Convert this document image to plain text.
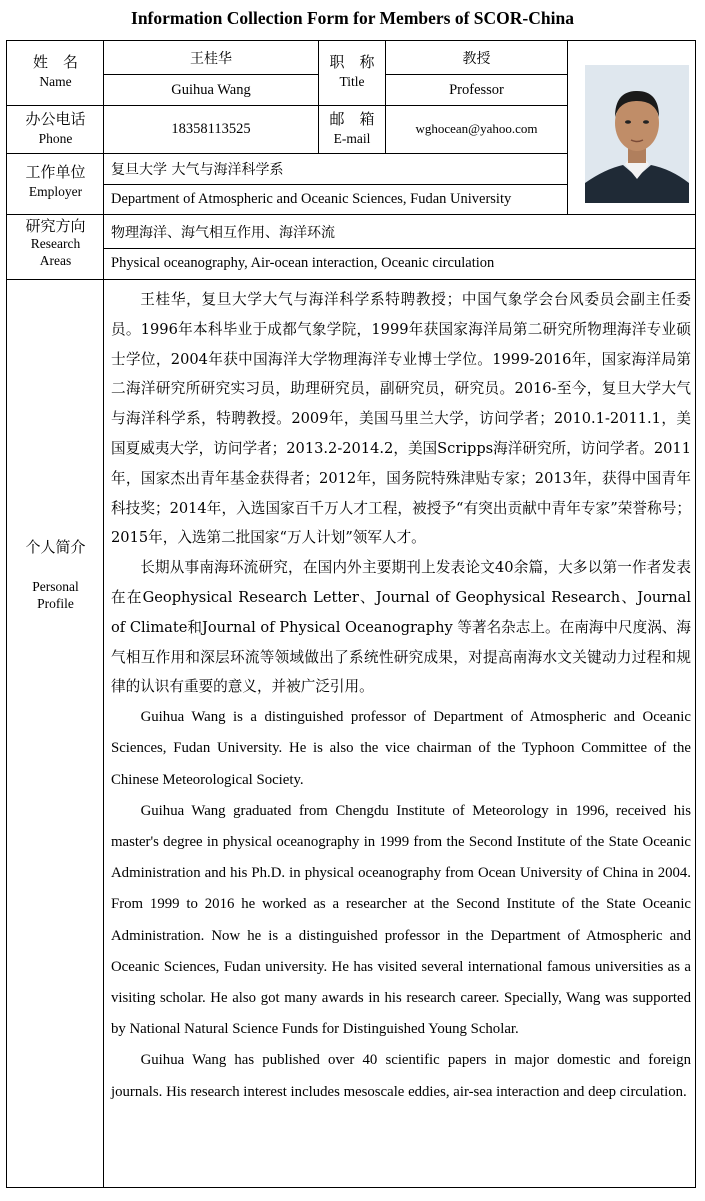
Information Collection Form for Members of SCOR-China
姓　名
Name
王桂华
Guihua Wang
职　称
Title
教授
Professor
办公电话
Phone
18358113525
邮　箱
E-mail
wghocean@yahoo.com
工作单位
Employer
复旦大学 大气与海洋科学系
Department of Atmospheric and Oceanic Sciences, Fudan University
研究方向
Research
Areas
物理海洋、海气相互作用、海洋环流
Physical oceanography, Air-ocean interaction, Oceanic circulation
个人简介
Personal
Profile

王桂华，复旦大学大气与海洋科学系特聘教授；中国气象学会台风委员会副主任委员。1996年本科毕业于成都气象学院，1999年获国家海洋局第二研究所物理海洋专业硕士学位，2004年获中国海洋大学物理海洋专业博士学位。1999-2016年，国家海洋局第二海洋研究所研究实习员，助理研究员，副研究员，研究员。2016-至今，复旦大学大气与海洋科学系，特聘教授。2009年，美国马里兰大学，访问学者；2010.1-2011.1，美国夏威夷大学，访问学者；2013.2-2014.2，美国Scripps海洋研究所，访问学者。2011年，国家杰出青年基金获得者；2012年，国务院特殊津贴专家；2013年，获得中国青年科技奖；2014年，入选国家百千万人才工程，被授予“有突出贡献中青年专家”荣誉称号；2015年，入选第二批国家“万人计划”领军人才。

长期从事南海环流研究，在国内外主要期刊上发表论文40余篇，大多以第一作者发表在在Geophysical Research Letter、Journal of Geophysical Research、Journal of Climate和Journal of Physical Oceanography 等著名杂志上。在南海中尺度涡、海气相互作用和深层环流等领域做出了系统性研究成果，对提高南海水文关键动力过程和规律的认识有重要的意义，并被广泛引用。

Guihua Wang is a distinguished professor of Department of Atmospheric and Oceanic Sciences, Fudan University. He is also the vice chairman of the Typhoon Committee of the Chinese Meteorological Society.

Guihua Wang graduated from Chengdu Institute of Meteorology in 1996, received his master's degree in physical oceanography in 1999 from the Second Institute of the State Oceanic Administration and his Ph.D. in physical oceanography from Ocean University of China in 2004. From 1999 to 2016 he worked as a researcher at the Second Institute of the State Oceanic Administration. Now he is a distinguished professor in the Department of Atmospheric and Oceanic Sciences, Fudan university. He has visited several international famous universities as a visiting scholar. He also got many awards in his research career. Specially, Wang was supported by National Natural Science Funds for Distinguished Young Scholar.

Guihua Wang has published over 40 scientific papers in major domestic and foreign journals. His research interest includes mesoscale eddies, air-sea interaction and deep circulation.
